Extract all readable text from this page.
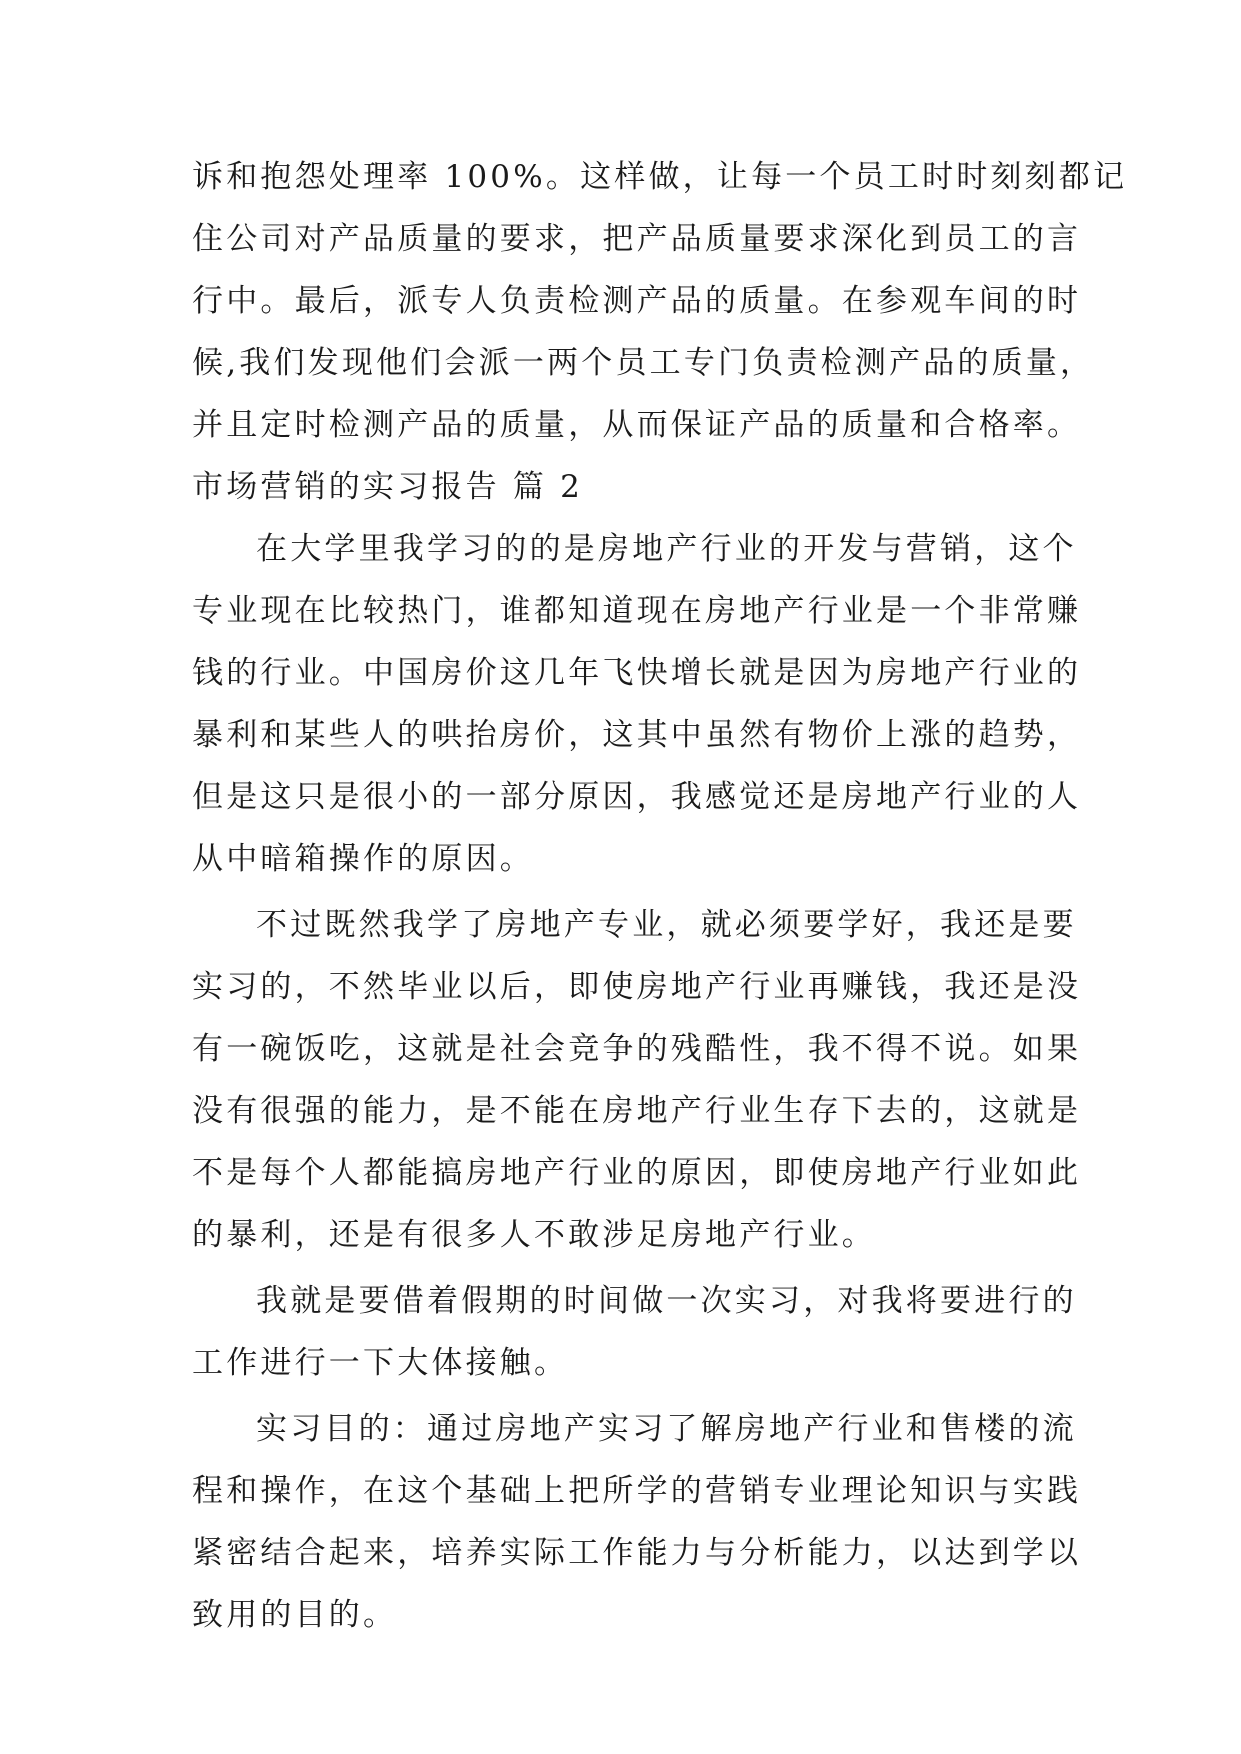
诉和抱怨处理率 100%。这样做，让每一个员工时时刻刻都记
住公司对产品质量的要求，把产品质量要求深化到员工的言
行中。最后，派专人负责检测产品的质量。在参观车间的时
候,我们发现他们会派一两个员工专门负责检测产品的质量，
并且定时检测产品的质量，从而保证产品的质量和合格率。
市场营销的实习报告 篇 2
在大学里我学习的的是房地产行业的开发与营销，这个
专业现在比较热门，谁都知道现在房地产行业是一个非常赚
钱的行业。中国房价这几年飞快增长就是因为房地产行业的
暴利和某些人的哄抬房价，这其中虽然有物价上涨的趋势，
但是这只是很小的一部分原因，我感觉还是房地产行业的人
从中暗箱操作的原因。
不过既然我学了房地产专业，就必须要学好，我还是要
实习的，不然毕业以后，即使房地产行业再赚钱，我还是没
有一碗饭吃，这就是社会竞争的残酷性，我不得不说。如果
没有很强的能力，是不能在房地产行业生存下去的，这就是
不是每个人都能搞房地产行业的原因，即使房地产行业如此
的暴利，还是有很多人不敢涉足房地产行业。
我就是要借着假期的时间做一次实习，对我将要进行的
工作进行一下大体接触。
实习目的：通过房地产实习了解房地产行业和售楼的流
程和操作，在这个基础上把所学的营销专业理论知识与实践
紧密结合起来，培养实际工作能力与分析能力，以达到学以
致用的目的。
